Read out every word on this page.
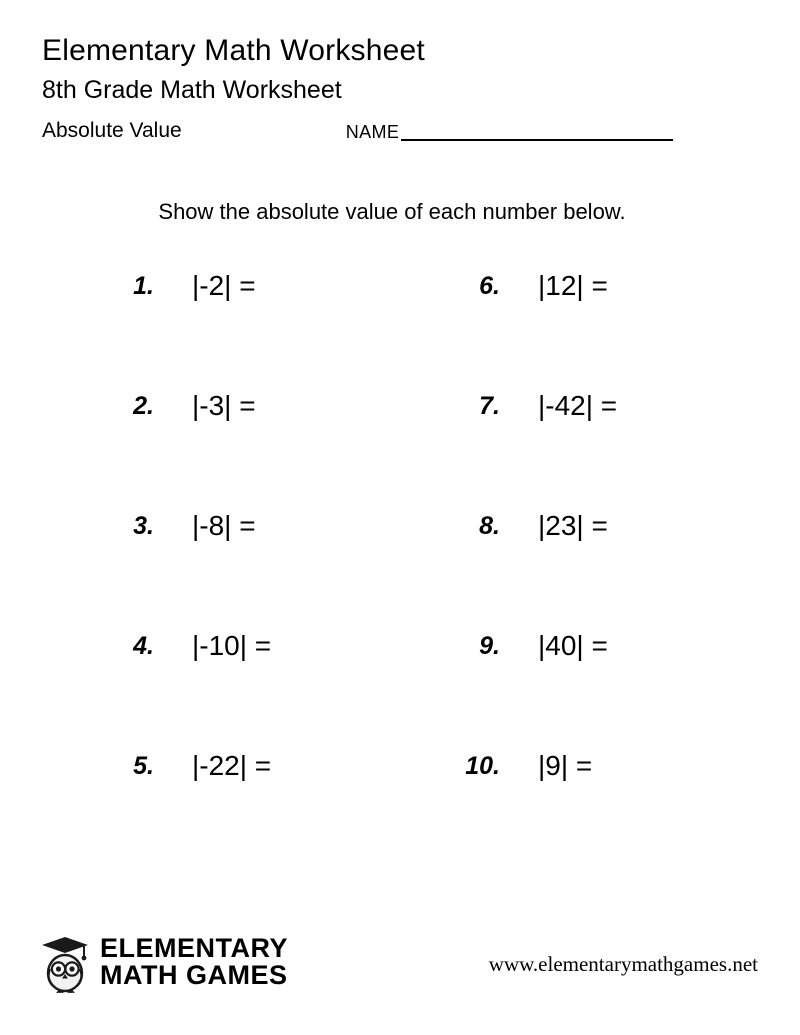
Elementary Math Worksheet
8th Grade Math Worksheet
Absolute Value	NAME
Show the absolute value of each number below.
1. |-2| =	6. |12| =
2. |-3| =	7. |-42| =
3. |-8| =	8. |23| =
4. |-10| =	9. |40| =
5. |-22| =	10. |9| =
ELEMENTARY
MATH GAMES	www.elementarymathgames.net
